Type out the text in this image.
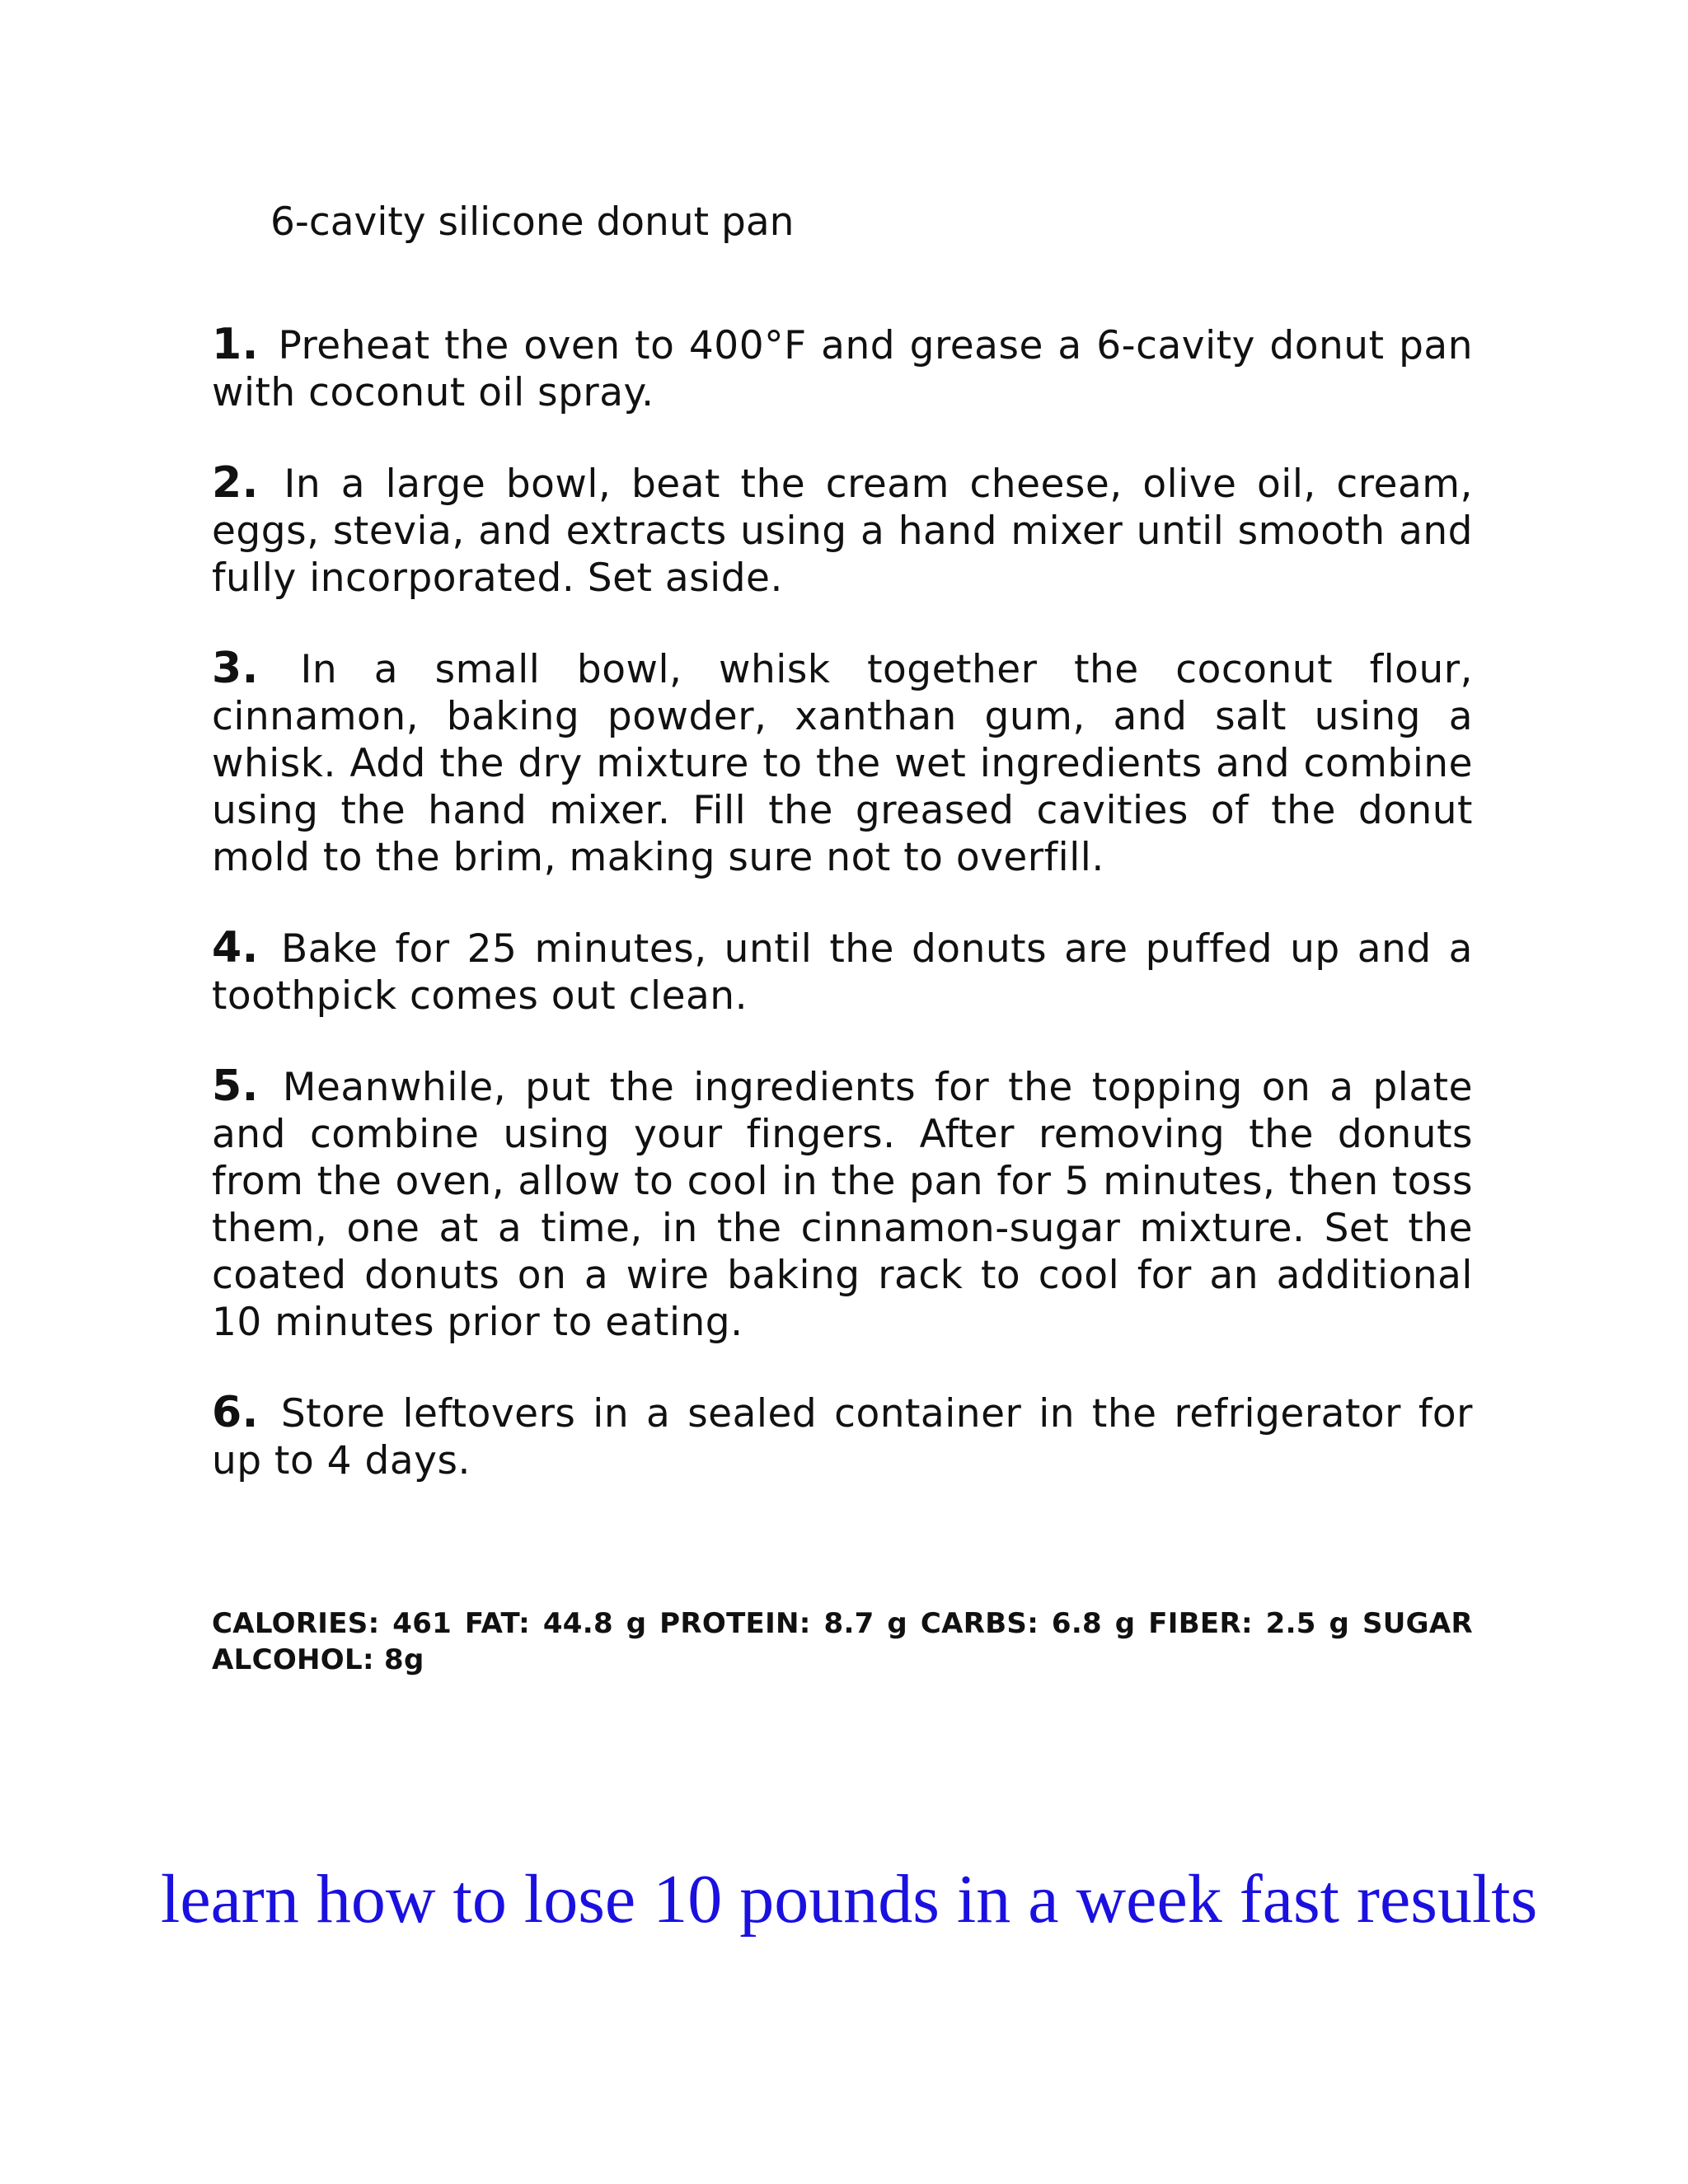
6-cavity silicone donut pan

1. Preheat the oven to 400°F and grease a 6-cavity donut pan with coconut oil spray.
2. In a large bowl, beat the cream cheese, olive oil, cream, eggs, stevia, and extracts using a hand mixer until smooth and fully incorporated. Set aside.
3. In a small bowl, whisk together the coconut flour, cinnamon, baking powder, xanthan gum, and salt using a whisk. Add the dry mixture to the wet ingredients and combine using the hand mixer. Fill the greased cavities of the donut mold to the brim, making sure not to overfill.
4. Bake for 25 minutes, until the donuts are puffed up and a toothpick comes out clean.
5. Meanwhile, put the ingredients for the topping on a plate and combine using your fingers. After removing the donuts from the oven, allow to cool in the pan for 5 minutes, then toss them, one at a time, in the cinnamon-sugar mixture. Set the coated donuts on a wire baking rack to cool for an additional 10 minutes prior to eating.
6. Store leftovers in a sealed container in the refrigerator for up to 4 days.

CALORIES: 461 FAT: 44.8 g PROTEIN: 8.7 g CARBS: 6.8 g FIBER: 2.5 g SUGAR ALCOHOL: 8g

learn how to lose 10 pounds in a week fast results
